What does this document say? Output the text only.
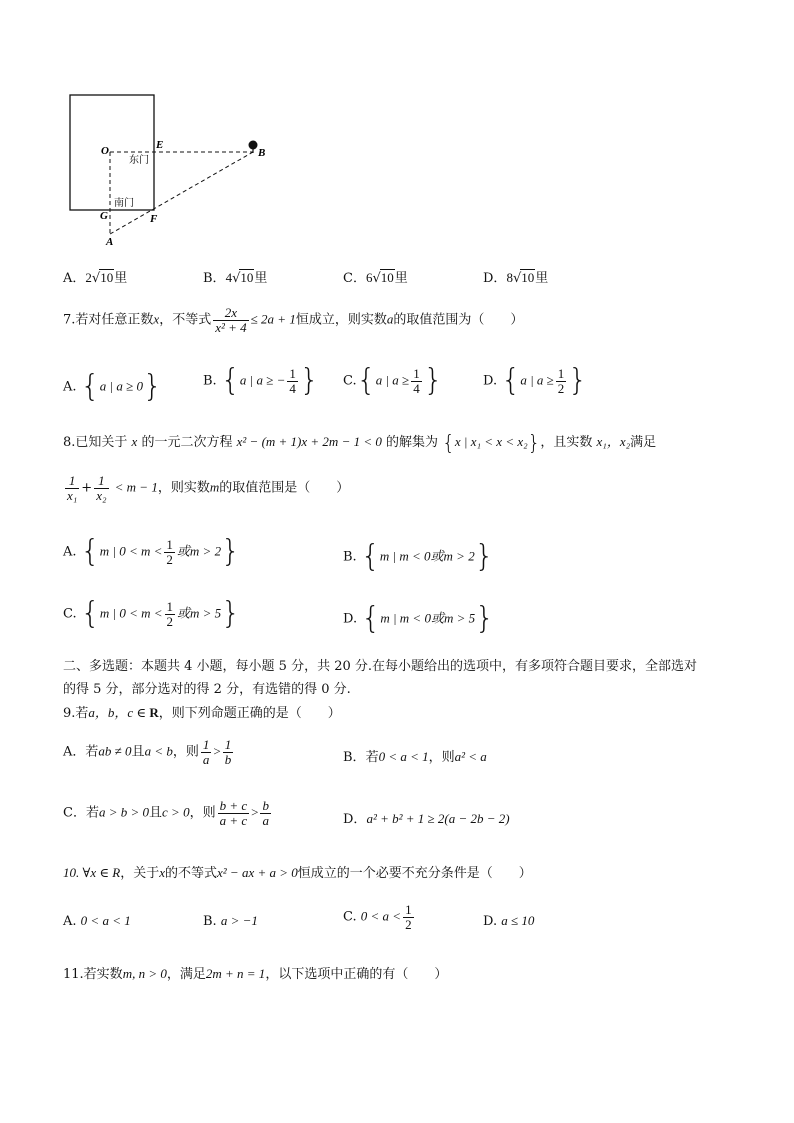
O	E
B
东门
南门
G	F
A
A．2√10里	B．4√10里	C．6√10里	D．8√10里
7.若对任意正数x，不等式 $\frac{2x}{\text{x² + 4}} \le 2a + 1$恒成立，则实数a的取值范围为（　　）
A. {a | a ≥ 0}	B. {a | a ≥ − $\frac{1}{4}$ } C.{a | $a \ge \frac{1}{4}$ }	D. {a | $a \ge \frac{1}{2}$ }
8.已知关于 x 的一元二次方程 x² − (m + 1)x + 2m − 1 < 0 的解集为 {x | x₁ < x < x₂}，且实数 x₁，x₂满足
$\frac{1}{\text{x₁}} + \frac{1}{\text{x₂}} < m - 1$，则实数m的取值范围是（　　）
A. {m | $0 < m < \frac{1}{2}$ 或m > 2}	B. {m | m < 0或m > 2}
C. {m | $0 < m < \frac{1}{2}$ 或m > 5}	D. {m | m < 0或m > 5}
二、多选题：本题共 4 小题，每小题 5 分，共 20 分.在每小题给出的选项中，有多项符合题目要求，全部选对
的得 5 分，部分选对的得 2 分，有选错的得 0 分.
9.若a，b，c ∈ R，则下列命题正确的是（　　）
A．若ab ≠ 0且a < b，则 $\frac{1}{a} > \frac{1}{b}$	B．若0 < a < 1，则a² < a
C．若a > b > 0且c > 0，则 $\frac{b + c}{a + c} > \frac{b}{a}$	D．a² + b² + 1 ≥ 2(a − 2b − 2)
10. ∀x ∈ R，关于x的不等式x² − ax + a > 0恒成立的一个必要不充分条件是（　　）
A. 0 < a < 1	B. a > −1	C. $0 < a < \frac{1}{2}$	D. a ≤ 10
11.若实数m, n > 0，满足2m + n = 1，以下选项中正确的有（　　）
